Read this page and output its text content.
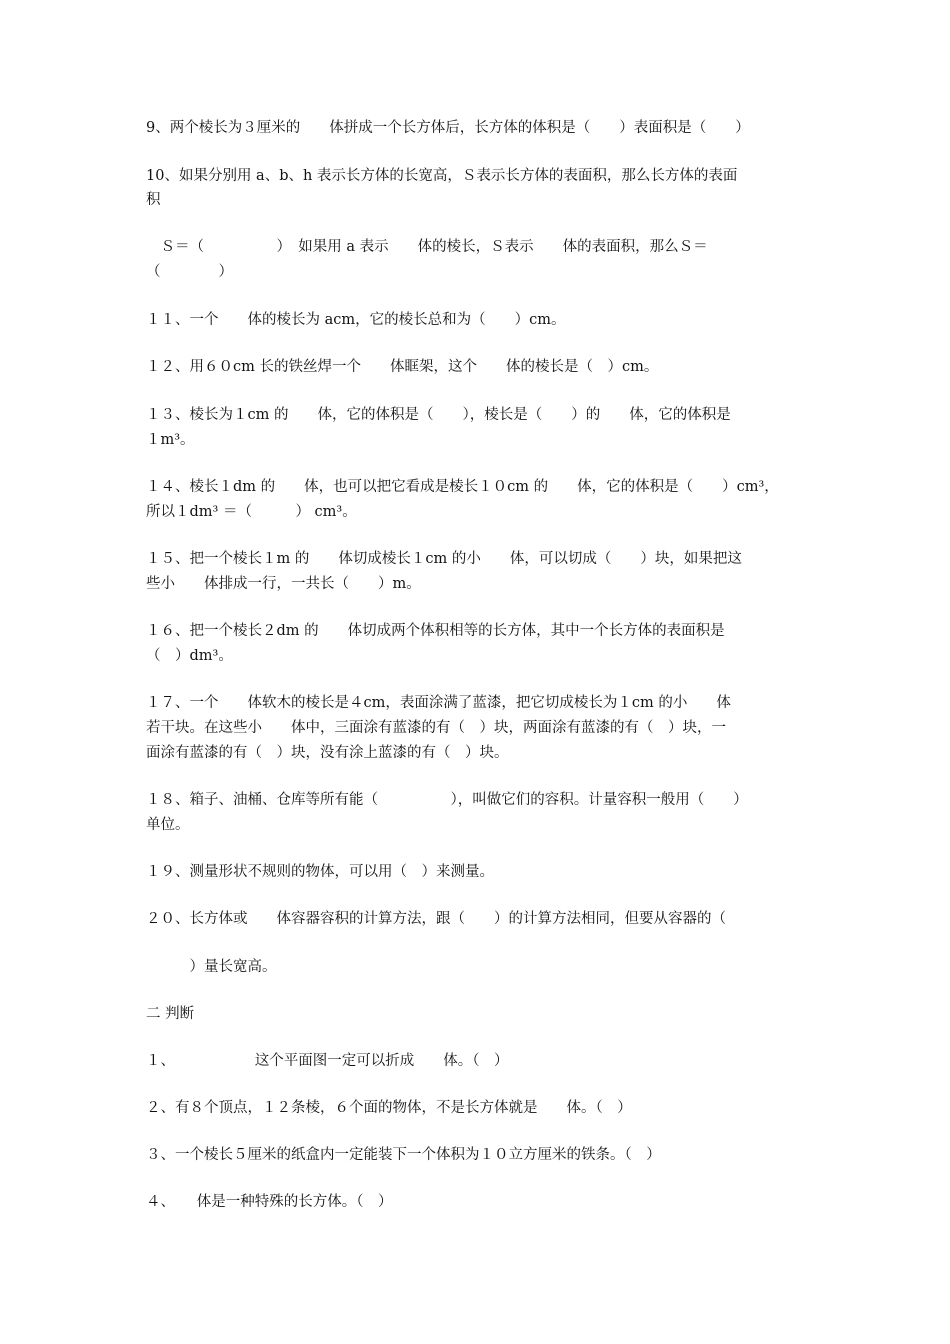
9、两个棱长为３厘米的　　体拼成一个长方体后，长方体的体积是（　　）表面积是（　　）
10、如果分别用 a、b、h 表示长方体的长宽高，Ｓ表示长方体的表面积，那么长方体的表面
积
　Ｓ＝（　　　　　）　如果用 a 表示　　体的棱长，Ｓ表示　　体的表面积，那么Ｓ＝
（　　　　）
１１、一个　　体的棱长为 acm，它的棱长总和为（　　）cm。
１２、用６０cm 长的铁丝焊一个　　体眶架，这个　　体的棱长是（　）cm。
１３、棱长为１cm 的　　体，它的体积是（　　），棱长是（　　）的　　体，它的体积是
１m³。
１４、棱长１dm 的　　体，也可以把它看成是棱长１０cm 的　　体，它的体积是（　　）cm³，
所以１dm³ ＝（　　　） cm³。
１５、把一个棱长１m 的　　体切成棱长１cm 的小　　体，可以切成（　　）块，如果把这
些小　　体排成一行，一共长（　　）m。
１６、把一个棱长２dm 的　　体切成两个体积相等的长方体，其中一个长方体的表面积是
（　）dm³。
１７、一个　　体软木的棱长是４cm，表面涂满了蓝漆，把它切成棱长为１cm 的小　　体
若干块。在这些小　　体中，三面涂有蓝漆的有（　）块，两面涂有蓝漆的有（　）块，一
面涂有蓝漆的有（　）块，没有涂上蓝漆的有（　）块。
１８、箱子、油桶、仓库等所有能（　　　　　），叫做它们的容积。计量容积一般用（　　）
单位。
１９、测量形状不规则的物体，可以用（　）来测量。
２０、长方体或　　体容器容积的计算方法，跟（　　）的计算方法相同，但要从容器的（
　　　）量长宽高。
二 判断
１、　　　　　　这个平面图一定可以折成　　体。（　）
２、有８个顶点，１２条棱，６个面的物体，不是长方体就是　　体。（　）
３、一个棱长５厘米的纸盒内一定能装下一个体积为１０立方厘米的铁条。（　）
４、　　体是一种特殊的长方体。（　）
